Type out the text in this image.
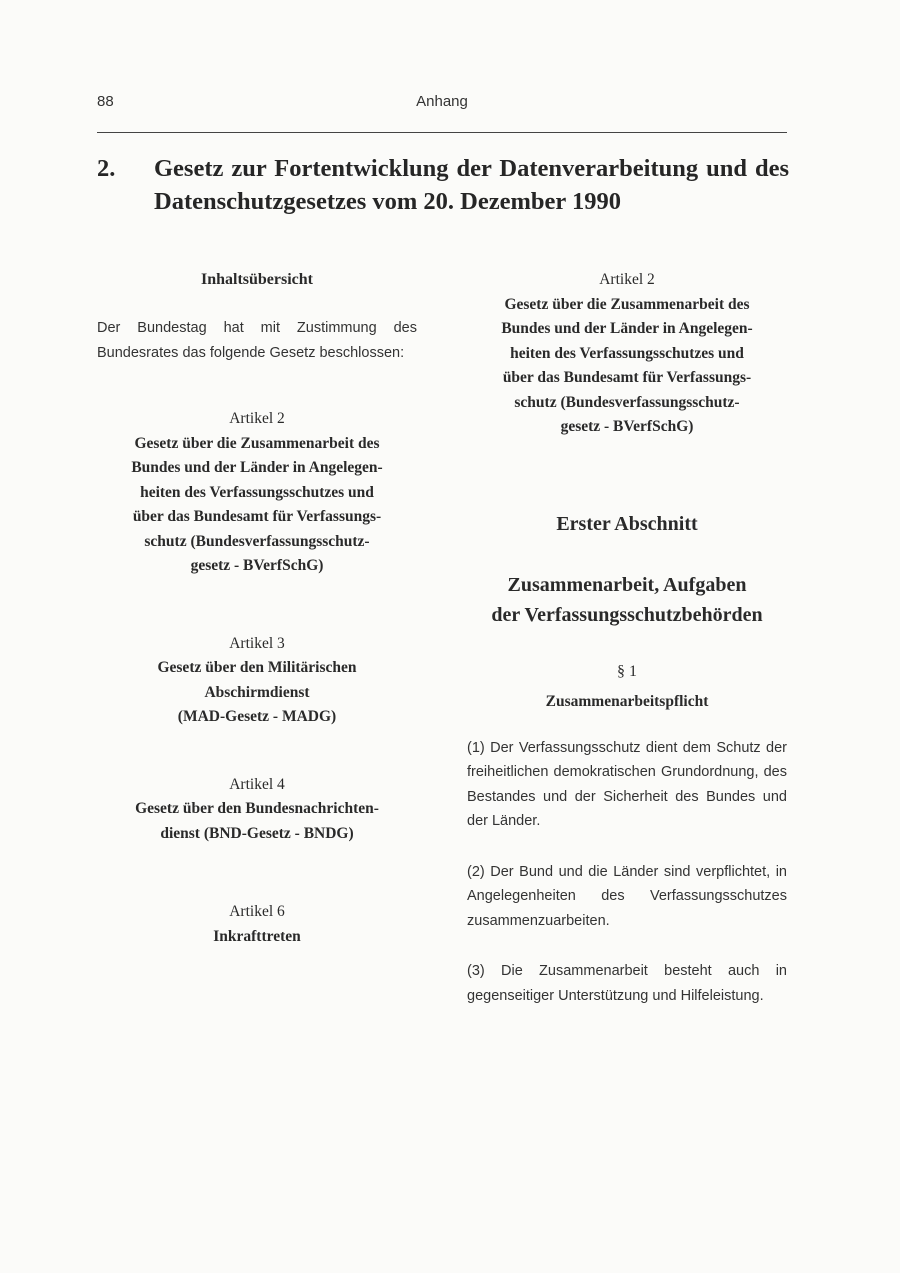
88	Anhang
2. Gesetz zur Fortentwicklung der Datenverarbeitung und des
Datenschutzgesetzes vom 20. Dezember 1990

Inhaltsübersicht

Der Bundestag hat mit Zustimmung des Bundesrates das folgende Gesetz beschlossen:

Artikel 2
Gesetz über die Zusammenarbeit des
Bundes und der Länder in Angelegen-
heiten des Verfassungsschutzes und
über das Bundesamt für Verfassungs-
schutz (Bundesverfassungsschutz-
gesetz - BVerfSchG)
Artikel 3
Gesetz über den Militärischen
Abschirmdienst
(MAD-Gesetz - MADG)
Artikel 4
Gesetz über den Bundesnachrichten-
dienst (BND-Gesetz - BNDG)
Artikel 6
Inkrafttreten
Artikel 2
Gesetz über die Zusammenarbeit des
Bundes und der Länder in Angelegen-
heiten des Verfassungsschutzes und
über das Bundesamt für Verfassungs-
schutz (Bundesverfassungsschutz-
gesetz - BVerfSchG)
Erster Abschnitt
Zusammenarbeit, Aufgaben
der Verfassungsschutzbehörden
§ 1
Zusammenarbeitspflicht
(1) Der Verfassungsschutz dient dem Schutz der freiheitlichen demokratischen Grundordnung, des Bestandes und der Sicherheit des Bundes und der Länder.
(2) Der Bund und die Länder sind verpflichtet, in Angelegenheiten des Verfassungsschutzes zusammenzuarbeiten.
(3) Die Zusammenarbeit besteht auch in gegenseitiger Unterstützung und Hilfeleistung.
